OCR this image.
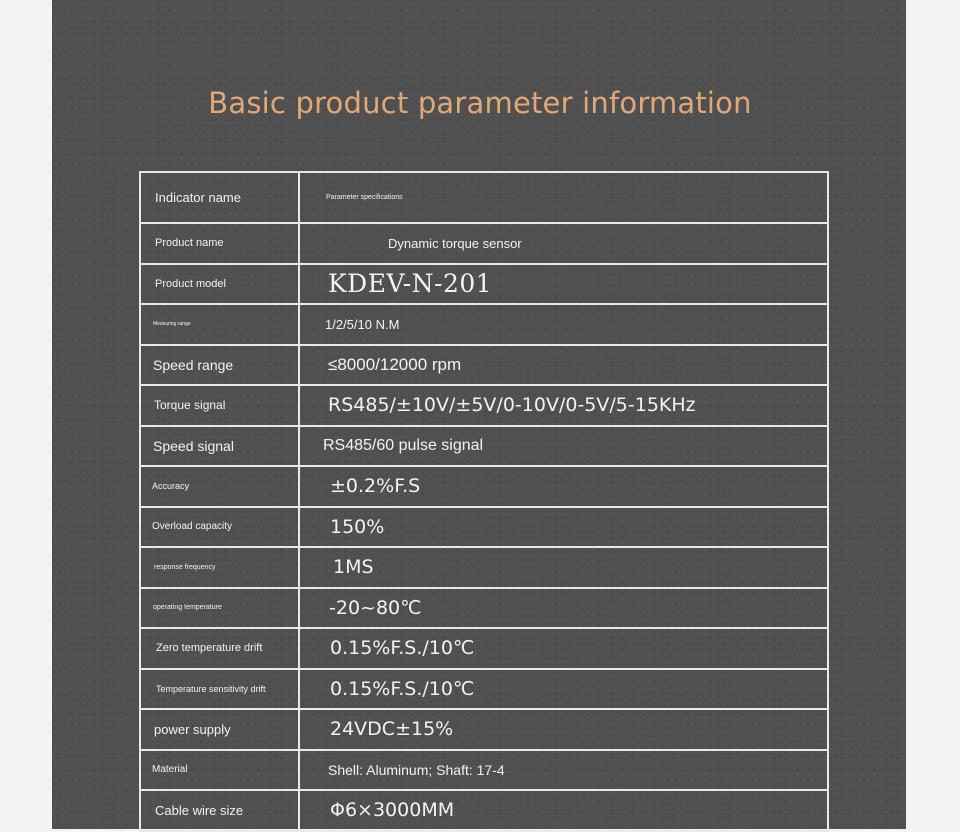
Basic product parameter information
Indicator name	Parameter specifications
Product name	Dynamic torque sensor
Product model	KDEV-N-201
Measuring range	1/2/5/10 N.M
Speed range	≤8000/12000 rpm
Torque signal	RS485/±10V/±5V/0-10V/0-5V/5-15KHz
Speed signal	RS485/60 pulse signal
Accuracy	±0.2%F.S
Overload capacity	150%
response frequency	1MS
operating temperature	-20~80℃
Zero temperature drift	0.15%F.S./10℃
Temperature sensitivity drift	0.15%F.S./10℃
power supply	24VDC±15%
Material	Shell: Aluminum; Shaft: 17-4
Cable wire size	Φ6×3000MM
